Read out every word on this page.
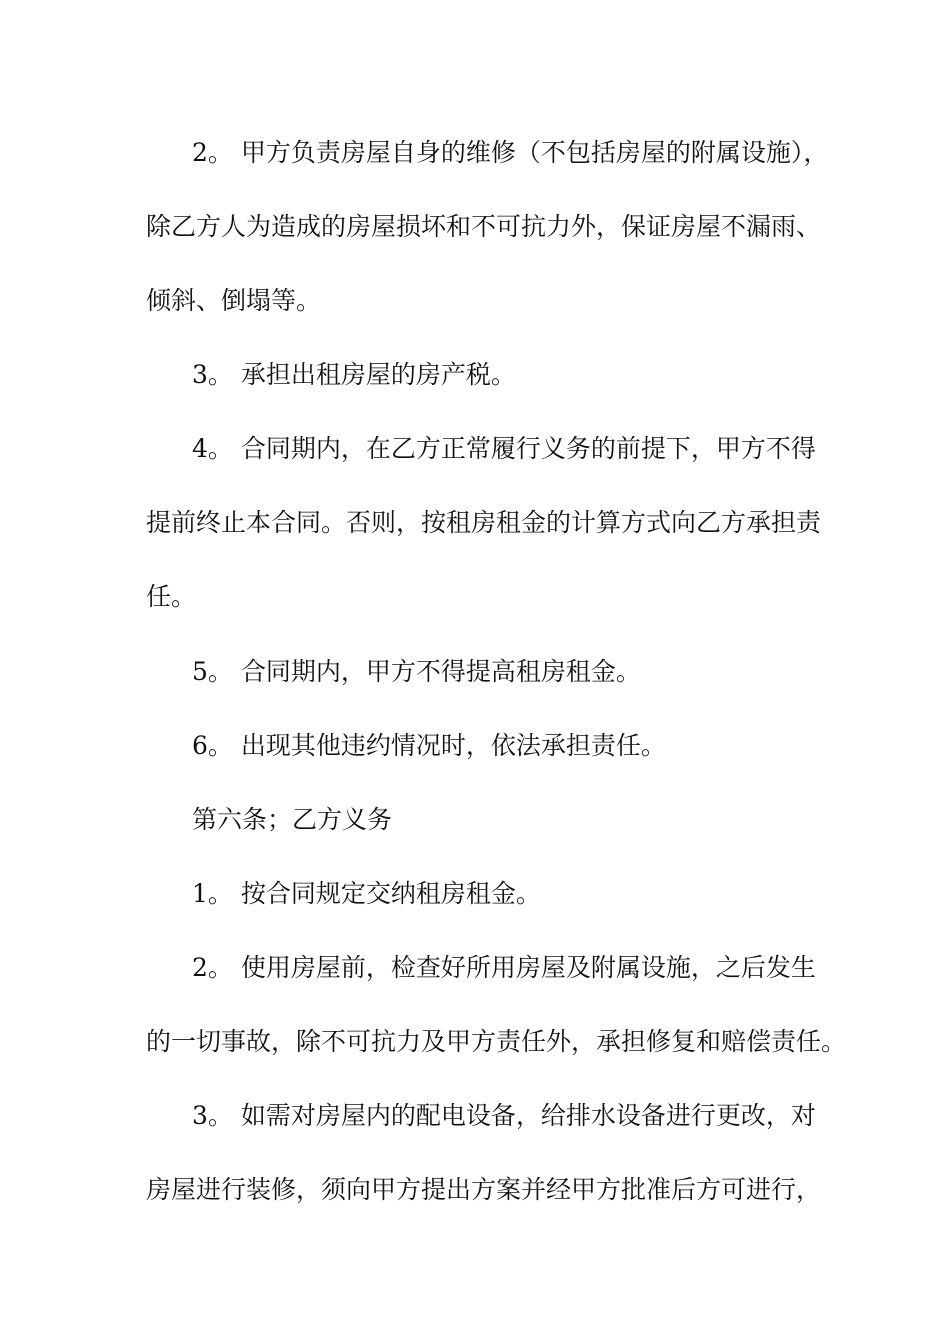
2。 甲方负责房屋自身的维修（不包括房屋的附属设施），

除乙方人为造成的房屋损坏和不可抗力外，保证房屋不漏雨、

倾斜、倒塌等。

3。 承担出租房屋的房产税。

4。 合同期内，在乙方正常履行义务的前提下，甲方不得

提前终止本合同。否则，按租房租金的计算方式向乙方承担责

任。

5。 合同期内，甲方不得提高租房租金。

6。 出现其他违约情况时，依法承担责任。

第六条；乙方义务

1。 按合同规定交纳租房租金。

2。 使用房屋前，检查好所用房屋及附属设施，之后发生

的一切事故，除不可抗力及甲方责任外，承担修复和赔偿责任。

3。 如需对房屋内的配电设备，给排水设备进行更改，对

房屋进行装修，须向甲方提出方案并经甲方批准后方可进行，
